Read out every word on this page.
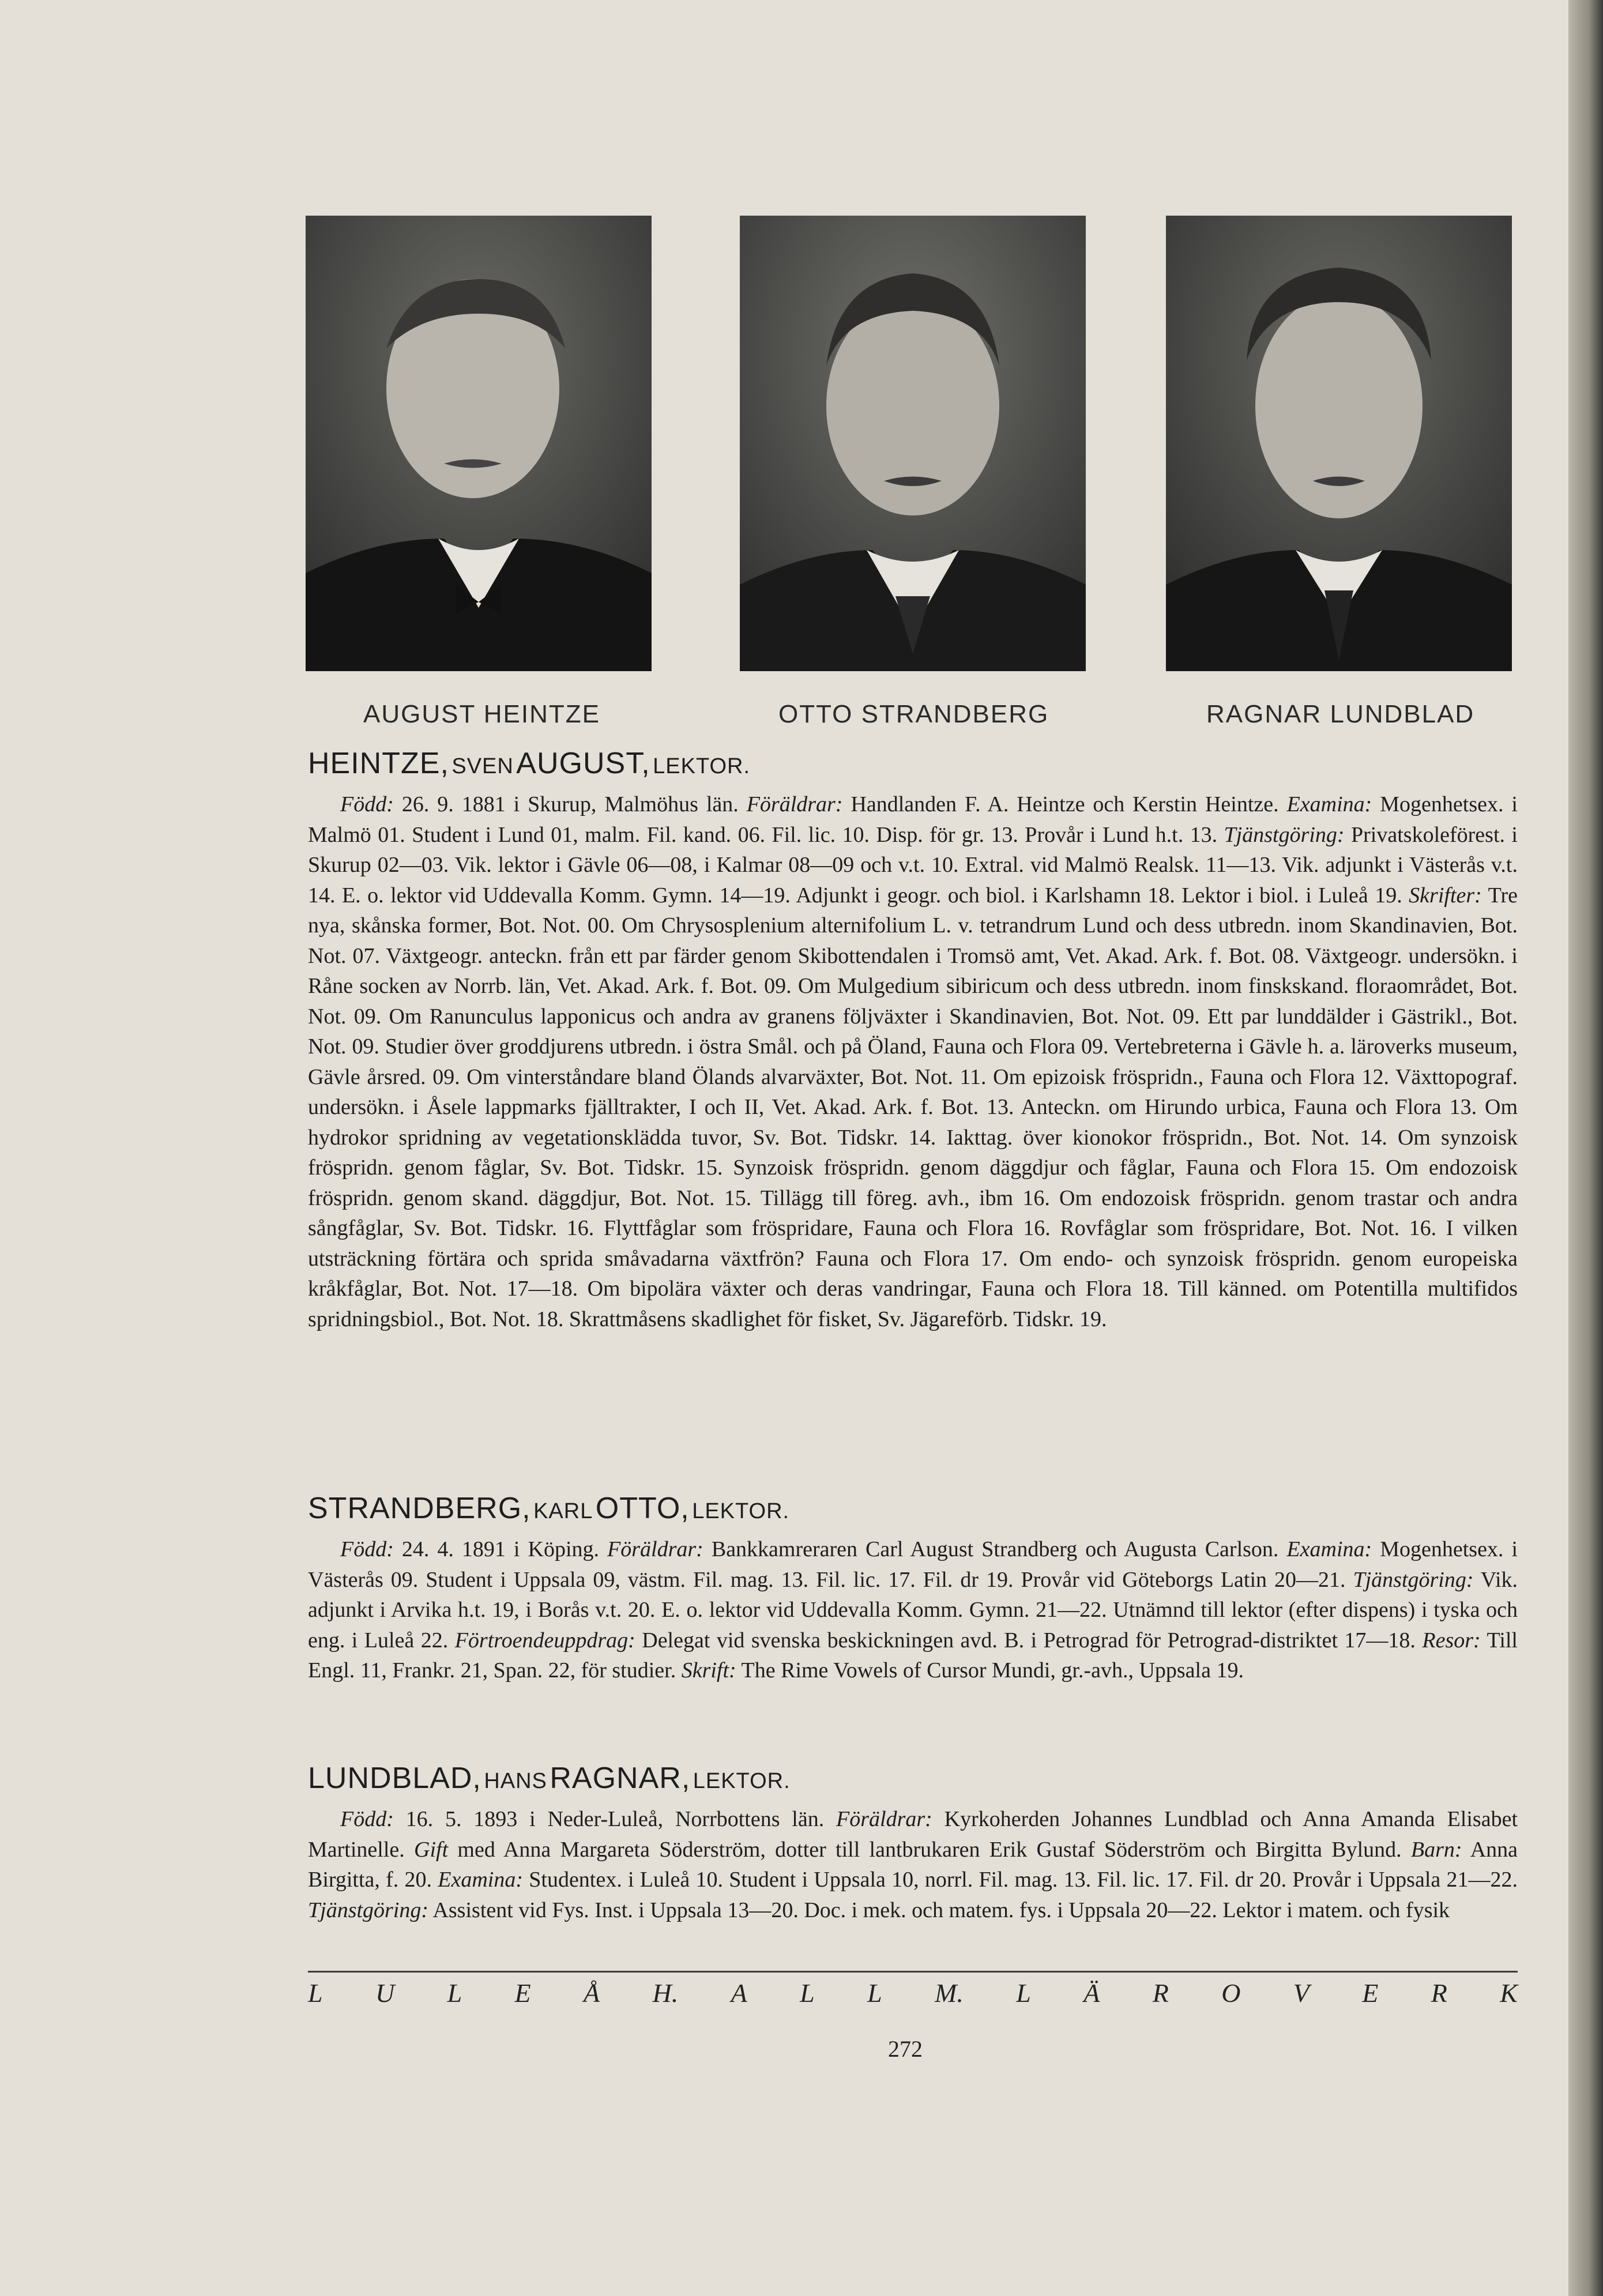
AUGUST HEINTZE	OTTO STRANDBERG	RAGNAR LUNDBLAD
HEINTZE, SVEN AUGUST, LEKTOR.
Född: 26. 9. 1881 i Skurup, Malmöhus län. Föräldrar: Handlanden F. A. Heintze och Kerstin Heintze. Examina: Mogenhetsex. i Malmö 01. Student i Lund 01, malm. Fil. kand. 06. Fil. lic. 10. Disp. för gr. 13. Provår i Lund h.t. 13. Tjänstgöring: Privatskoleförest. i Skurup 02—03. Vik. lektor i Gävle 06—08, i Kalmar 08—09 och v.t. 10. Extral. vid Malmö Realsk. 11—13. Vik. adjunkt i Västerås v.t. 14. E. o. lektor vid Uddevalla Komm. Gymn. 14—19. Adjunkt i geogr. och biol. i Karlshamn 18. Lektor i biol. i Luleå 19. Skrifter: Tre nya, skånska former, Bot. Not. 00. Om Chrysosplenium alternifolium L. v. tetrandrum Lund och dess utbredn. inom Skandinavien, Bot. Not. 07. Växtgeogr. anteckn. från ett par färder genom Skibottendalen i Tromsö amt, Vet. Akad. Ark. f. Bot. 08. Växtgeogr. undersökn. i Råne socken av Norrb. län, Vet. Akad. Ark. f. Bot. 09. Om Mulgedium sibiricum och dess utbredn. inom finskskand. floraområdet, Bot. Not. 09. Om Ranunculus lapponicus och andra av granens följväxter i Skandinavien, Bot. Not. 09. Ett par lunddälder i Gästrikl., Bot. Not. 09. Studier över groddjurens utbredn. i östra Smål. och på Öland, Fauna och Flora 09. Vertebreterna i Gävle h. a. läroverks museum, Gävle årsred. 09. Om vinterståndare bland Ölands alvarväxter, Bot. Not. 11. Om epizoisk fröspridn., Fauna och Flora 12. Växttopograf. undersökn. i Åsele lappmarks fjälltrakter, I och II, Vet. Akad. Ark. f. Bot. 13. Anteckn. om Hirundo urbica, Fauna och Flora 13. Om hydrokor spridning av vegetationsklädda tuvor, Sv. Bot. Tidskr. 14. Iakttag. över kionokor fröspridn., Bot. Not. 14. Om synzoisk fröspridn. genom fåglar, Sv. Bot. Tidskr. 15. Synzoisk fröspridn. genom däggdjur och fåglar, Fauna och Flora 15. Om endozoisk fröspridn. genom skand. däggdjur, Bot. Not. 15. Tillägg till föreg. avh., ibm 16. Om endozoisk fröspridn. genom trastar och andra sångfåglar, Sv. Bot. Tidskr. 16. Flyttfåglar som fröspridare, Fauna och Flora 16. Rovfåglar som fröspridare, Bot. Not. 16. I vilken utsträckning förtära och sprida småvadarna växtfrön? Fauna och Flora 17. Om endo- och synzoisk fröspridn. genom europeiska kråkfåglar, Bot. Not. 17—18. Om bipolära växter och deras vandringar, Fauna och Flora 18. Till känned. om Potentilla multifidos spridningsbiol., Bot. Not. 18. Skrattmåsens skadlighet för fisket, Sv. Jägareförb. Tidskr. 19.
STRANDBERG, KARL OTTO, LEKTOR.
Född: 24. 4. 1891 i Köping. Föräldrar: Bankkamreraren Carl August Strandberg och Augusta Carlson. Examina: Mogenhetsex. i Västerås 09. Student i Uppsala 09, västm. Fil. mag. 13. Fil. lic. 17. Fil. dr 19. Provår vid Göteborgs Latin 20—21. Tjänstgöring: Vik. adjunkt i Arvika h.t. 19, i Borås v.t. 20. E. o. lektor vid Uddevalla Komm. Gymn. 21—22. Utnämnd till lektor (efter dispens) i tyska och eng. i Luleå 22. Förtroendeuppdrag: Delegat vid svenska beskickningen avd. B. i Petrograd för Petrograd-distriktet 17—18. Resor: Till Engl. 11, Frankr. 21, Span. 22, för studier. Skrift: The Rime Vowels of Cursor Mundi, gr.-avh., Uppsala 19.
LUNDBLAD, HANS RAGNAR, LEKTOR.
Född: 16. 5. 1893 i Neder-Luleå, Norrbottens län. Föräldrar: Kyrkoherden Johannes Lundblad och Anna Amanda Elisabet Martinelle. Gift med Anna Margareta Söderström, dotter till lantbrukaren Erik Gustaf Söderström och Birgitta Bylund. Barn: Anna Birgitta, f. 20. Examina: Studentex. i Luleå 10. Student i Uppsala 10, norrl. Fil. mag. 13. Fil. lic. 17. Fil. dr 20. Provår i Uppsala 21—22. Tjänstgöring: Assistent vid Fys. Inst. i Uppsala 13—20. Doc. i mek. och matem. fys. i Uppsala 20—22. Lektor i matem. och fysik
L U L E Å H. A L L M. L Ä R O V E R K
272
